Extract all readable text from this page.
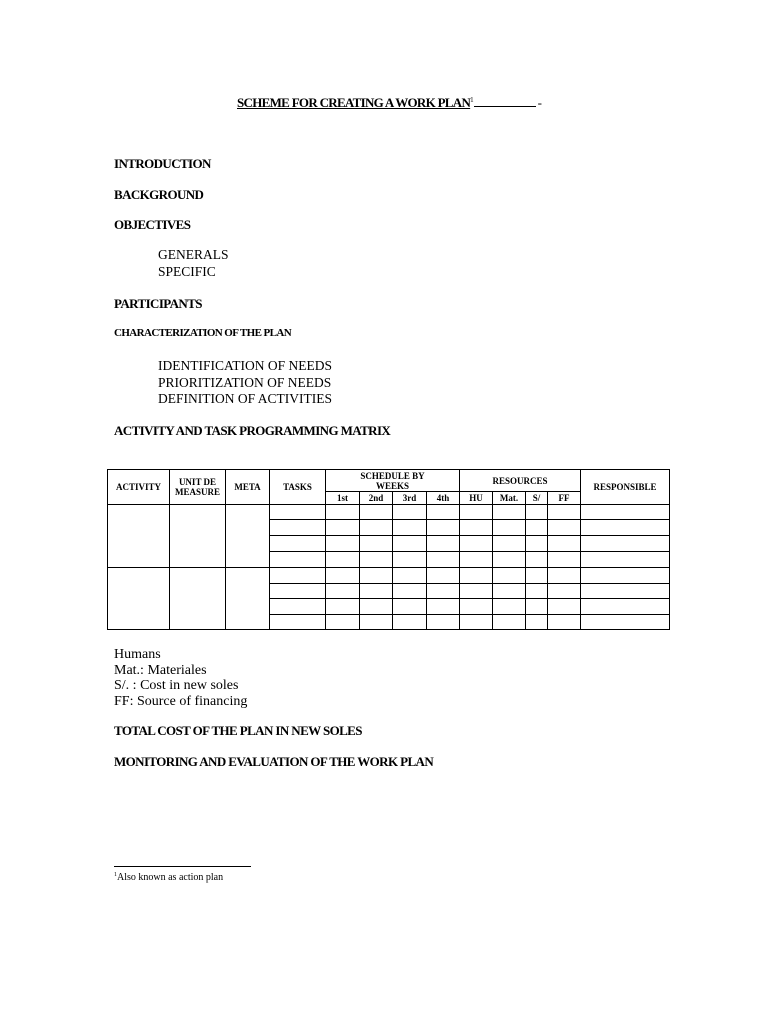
SCHEME FOR CREATING A WORK PLAN$^1$	-
INTRODUCTION
BACKGROUND
OBJECTIVES
GENERALS
SPECIFIC
PARTICIPANTS
CHARACTERIZATION OF THE PLAN
IDENTIFICATION OF NEEDS
PRIORITIZATION OF NEEDS
DEFINITION OF ACTIVITIES
ACTIVITY AND TASK PROGRAMMING MATRIX
ACTIVITY	UNIT DE MEASURE	META	TASKS	SCHEDULE BY WEEKS				RESOURCES				RESPONSIBLE
				1st	2nd	3rd	4th	HU	Mat.	S/	FF	

Humans
Mat.: Materiales
S/. : Cost in new soles
FF: Source of financing
TOTAL COST OF THE PLAN IN NEW SOLES
MONITORING AND EVALUATION OF THE WORK PLAN
$^1$Also known as action plan
